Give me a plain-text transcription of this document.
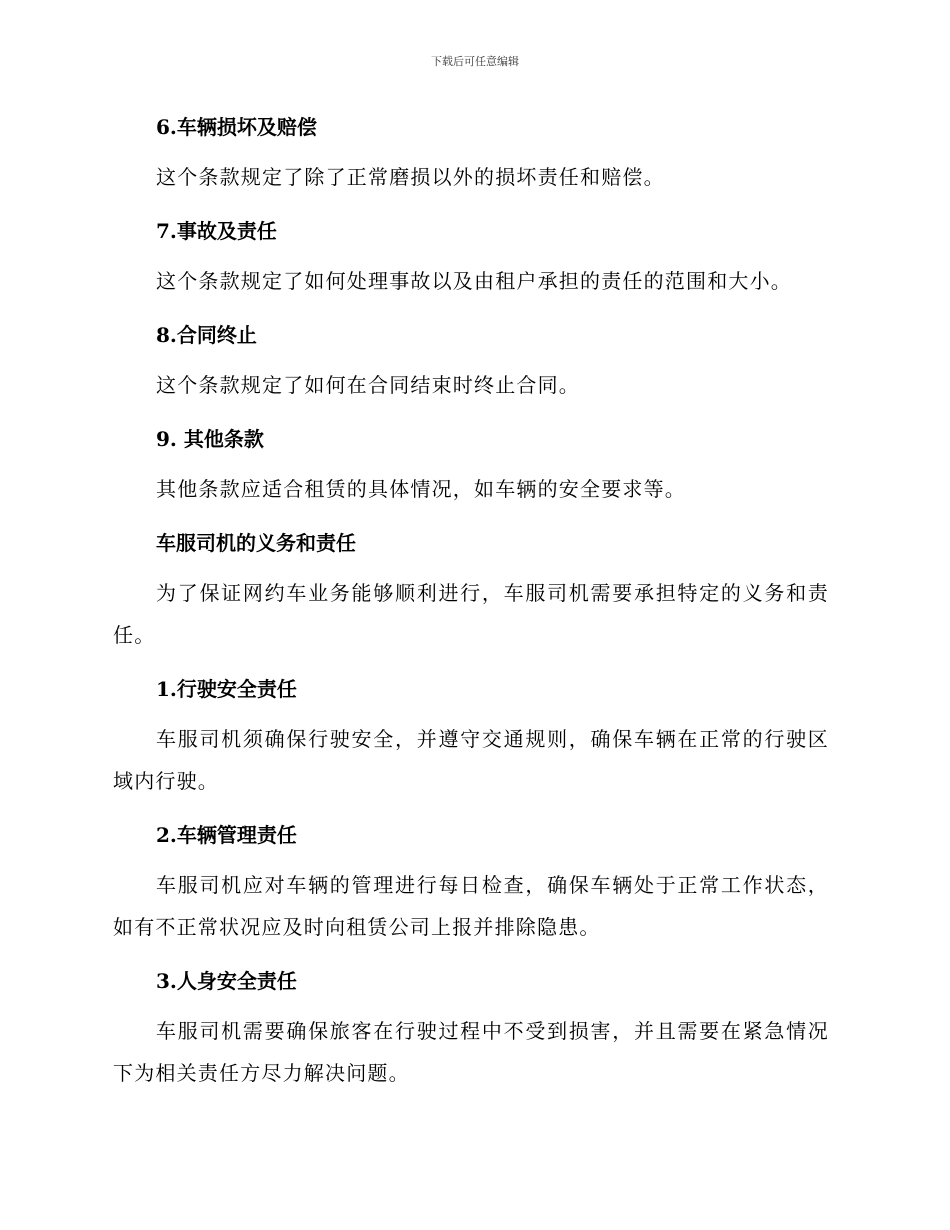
下载后可任意编辑

6.车辆损坏及赔偿

这个条款规定了除了正常磨损以外的损坏责任和赔偿。

7.事故及责任

这个条款规定了如何处理事故以及由租户承担的责任的范围和大小。

8.合同终止

这个条款规定了如何在合同结束时终止合同。

9. 其他条款

其他条款应适合租赁的具体情况，如车辆的安全要求等。

车服司机的义务和责任

为了保证网约车业务能够顺利进行，车服司机需要承担特定的义务和责任。

1.行驶安全责任

车服司机须确保行驶安全，并遵守交通规则，确保车辆在正常的行驶区域内行驶。

2.车辆管理责任

车服司机应对车辆的管理进行每日检查，确保车辆处于正常工作状态，如有不正常状况应及时向租赁公司上报并排除隐患。

3.人身安全责任

车服司机需要确保旅客在行驶过程中不受到损害，并且需要在紧急情况下为相关责任方尽力解决问题。
